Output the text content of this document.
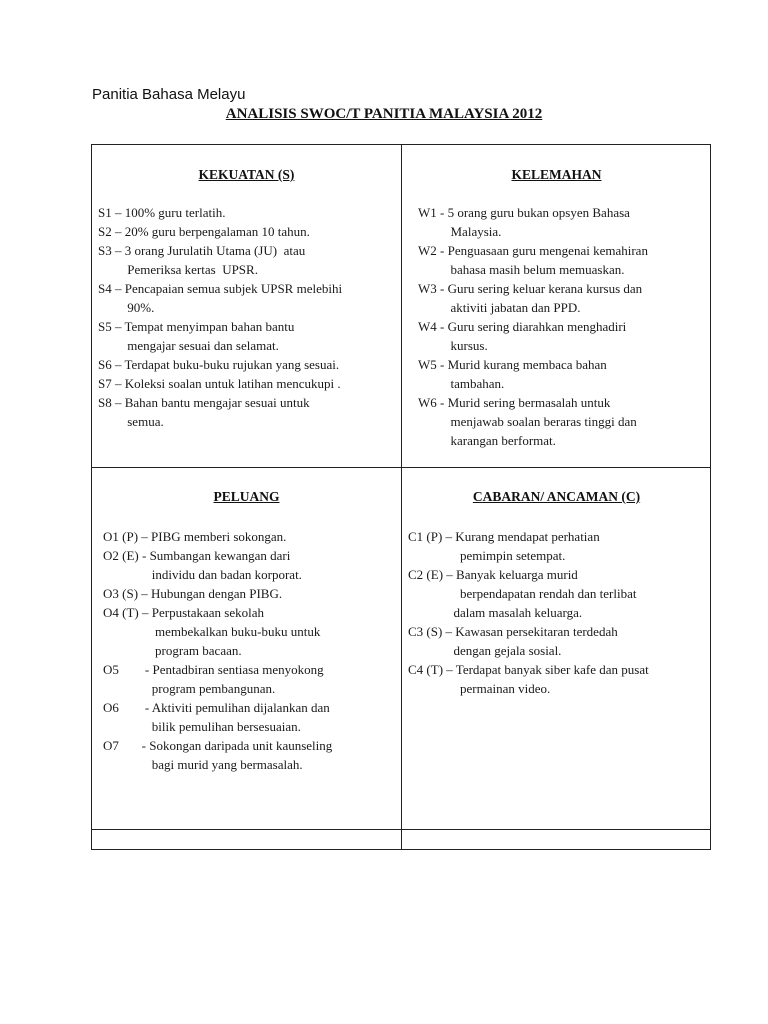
Panitia Bahasa Melayu
ANALISIS SWOC/T PANITIA MALAYSIA 2012
KEKUATAN (S)
S1 – 100% guru terlatih.
S2 – 20% guru berpengalaman 10 tahun.
S3 – 3 orang Jurulatih Utama (JU)  atau
Pemeriksa kertas  UPSR.
S4 – Pencapaian semua subjek UPSR melebihi
90%.
S5 – Tempat menyimpan bahan bantu
mengajar sesuai dan selamat.
S6 – Terdapat buku-buku rujukan yang sesuai.
S7 – Koleksi soalan untuk latihan mencukupi .
S8 – Bahan bantu mengajar sesuai untuk
semua.
KELEMAHAN
W1 - 5 orang guru bukan opsyen Bahasa
Malaysia.
W2 - Penguasaan guru mengenai kemahiran
bahasa masih belum memuaskan.
W3 - Guru sering keluar kerana kursus dan
aktiviti jabatan dan PPD.
W4 - Guru sering diarahkan menghadiri
kursus.
W5 - Murid kurang membaca bahan
tambahan.
W6 - Murid sering bermasalah untuk
menjawab soalan beraras tinggi dan
karangan berformat.
PELUANG
O1 (P) – PIBG memberi sokongan.
O2 (E) - Sumbangan kewangan dari
individu dan badan korporat.
O3 (S) – Hubungan dengan PIBG.
O4 (T) – Perpustakaan sekolah
membekalkan buku-buku untuk
program bacaan.
O5        - Pentadbiran sentiasa menyokong
program pembangunan.
O6        - Aktiviti pemulihan dijalankan dan
bilik pemulihan bersesuaian.
O7       - Sokongan daripada unit kaunseling
bagi murid yang bermasalah.
CABARAN/ ANCAMAN (C)
C1 (P) – Kurang mendapat perhatian
pemimpin setempat.
C2 (E) – Banyak keluarga murid
berpendapatan rendah dan terlibat
dalam masalah keluarga.
C3 (S) – Kawasan persekitaran terdedah
dengan gejala sosial.
C4 (T) – Terdapat banyak siber kafe dan pusat
permainan video.
